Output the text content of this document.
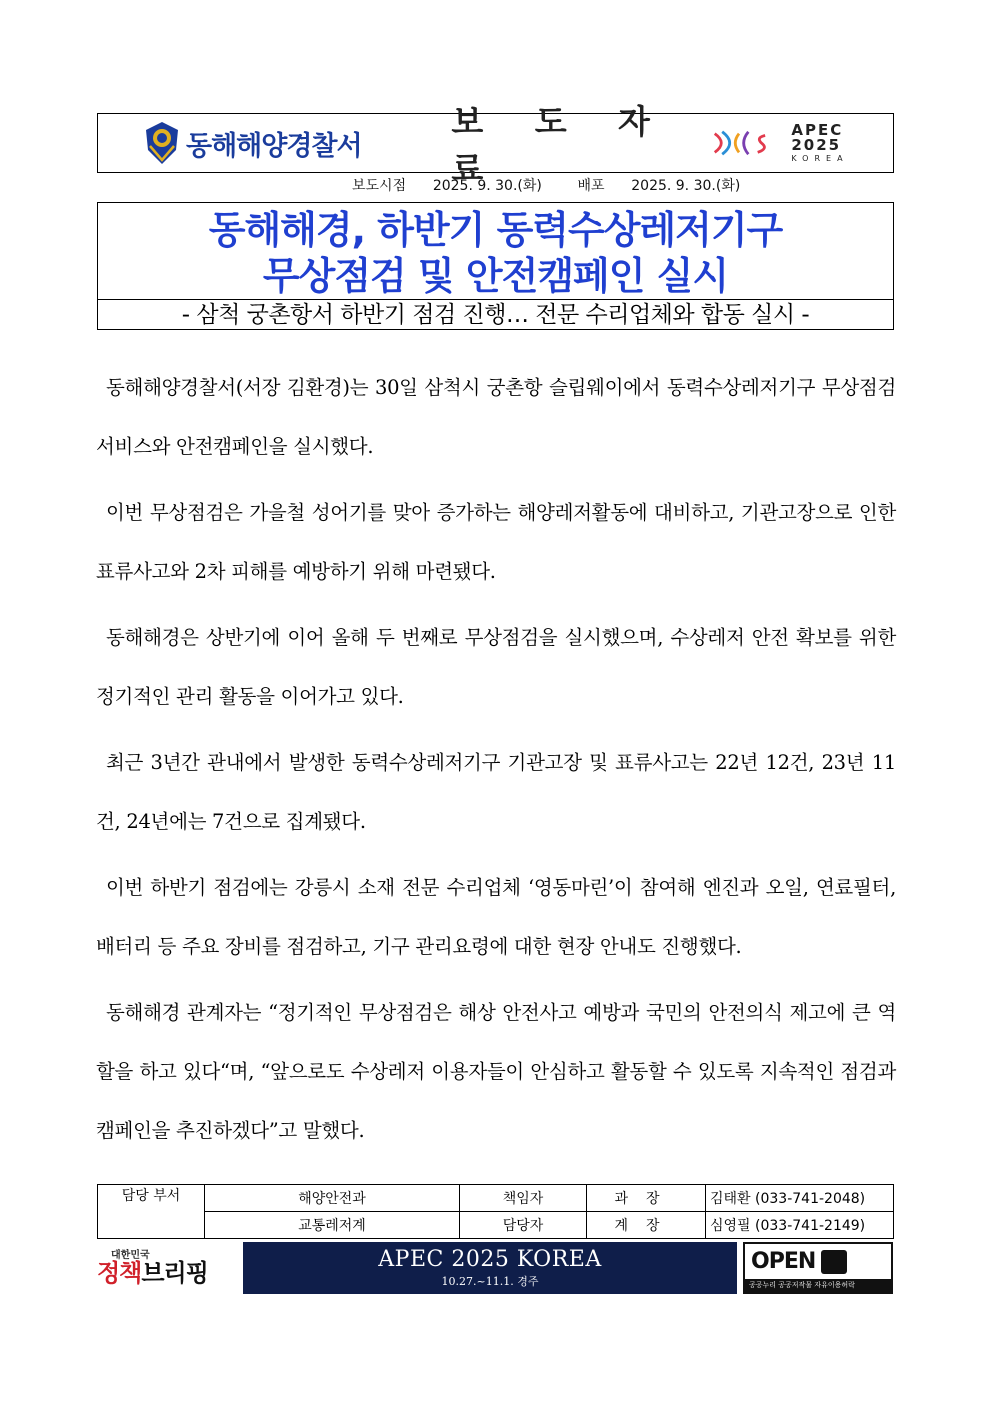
동해해양경찰서
보 도 자 료
APEC 2025
KOREA
보도시점 2025. 9. 30.(화)	배포 2025. 9. 30.(화)
동해해경, 하반기 동력수상레저기구
무상점검 및 안전캠페인 실시
- 삼척 궁촌항서 하반기 점검 진행… 전문 수리업체와 합동 실시 -

동해해양경찰서(서장 김환경)는 30일 삼척시 궁촌항 슬립웨이에서 동력수상레저기구 무상점검 서비스와 안전캠페인을 실시했다.

이번 무상점검은 가을철 성어기를 맞아 증가하는 해양레저활동에 대비하고, 기관고장으로 인한 표류사고와 2차 피해를 예방하기 위해 마련됐다.

동해해경은 상반기에 이어 올해 두 번째로 무상점검을 실시했으며, 수상레저 안전 확보를 위한 정기적인 관리 활동을 이어가고 있다.

최근 3년간 관내에서 발생한 동력수상레저기구 기관고장 및 표류사고는 22년 12건, 23년 11건, 24년에는 7건으로 집계됐다.

이번 하반기 점검에는 강릉시 소재 전문 수리업체 ‘영동마린’이 참여해 엔진과 오일, 연료필터, 배터리 등 주요 장비를 점검하고, 기구 관리요령에 대한 현장 안내도 진행했다.

동해해경 관계자는 “정기적인 무상점검은 해상 안전사고 예방과 국민의 안전의식 제고에 큰 역할을 하고 있다“며, “앞으로도 수상레저 이용자들이 안심하고 활동할 수 있도록 지속적인 점검과 캠페인을 추진하겠다”고 말했다.

담당 부서	해양안전과	책임자	과장	김태환 (033-741-2048)
	교통레저계	담당자	계장	심영필 (033-741-2149)
대한민국
정책브리핑	APEC 2025 KOREA
10.27.~11.1. 경주
OPEN
공공누리 공공저작물 자유이용허락
